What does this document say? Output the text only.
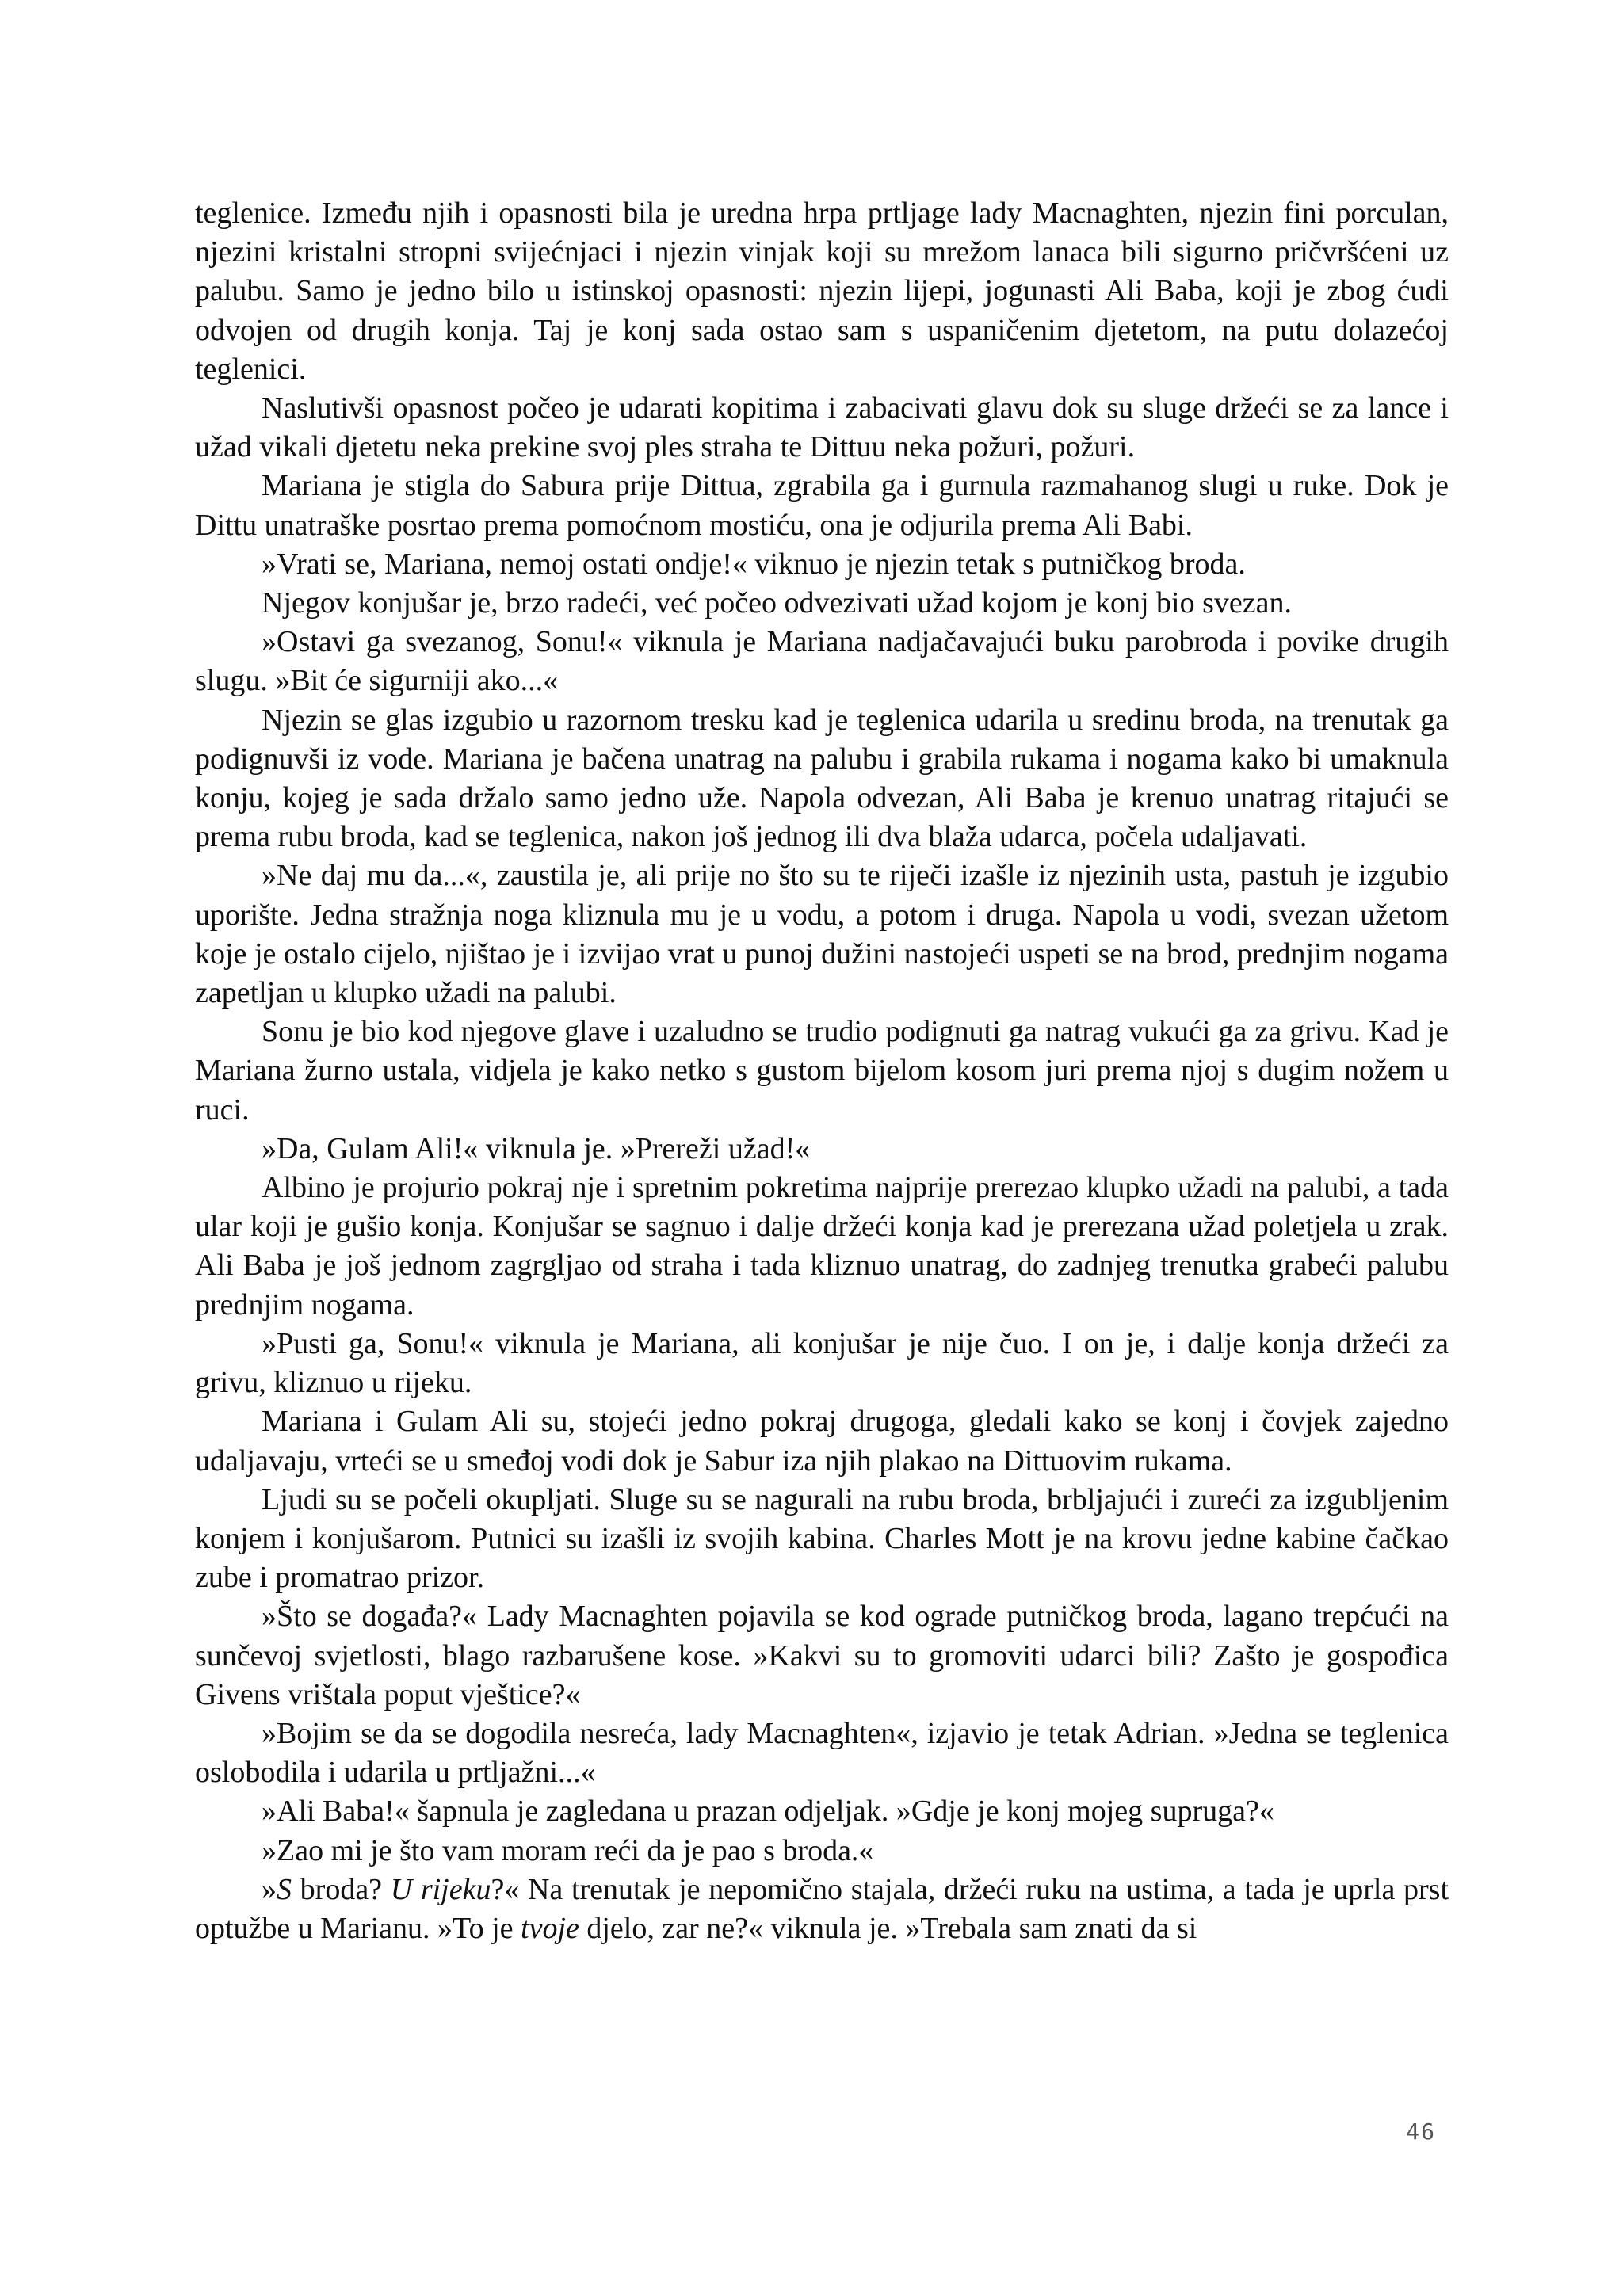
teglenice. Između njih i opasnosti bila je uredna hrpa prtljage lady Macnaghten, njezin fini porculan, njezini kristalni stropni svijećnjaci i njezin vinjak koji su mrežom lanaca bili sigurno pričvršćeni uz palubu. Samo je jedno bilo u istinskoj opasnosti: njezin lijepi, jogunasti Ali Baba, koji je zbog ćudi odvojen od drugih konja. Taj je konj sada ostao sam s uspaničenim djetetom, na putu dolazećoj teglenici.

Naslutivši opasnost počeo je udarati kopitima i zabacivati glavu dok su sluge držeći se za lance i užad vikali djetetu neka prekine svoj ples straha te Dittuu neka požuri, požuri.

Mariana je stigla do Sabura prije Dittua, zgrabila ga i gurnula razmahanog slugi u ruke. Dok je Dittu unatraške posrtao prema pomoćnom mostiću, ona je odjurila prema Ali Babi.

»Vrati se, Mariana, nemoj ostati ondje!« viknuo je njezin tetak s putničkog broda.

Njegov konjušar je, brzo radeći, već počeo odvezivati užad kojom je konj bio svezan.

»Ostavi ga svezanog, Sonu!« viknula je Mariana nadjačavajući buku parobroda i povike drugih slugu. »Bit će sigurniji ako...«

Njezin se glas izgubio u razornom tresku kad je teglenica udarila u sredinu broda, na trenutak ga podignuvši iz vode. Mariana je bačena unatrag na palubu i grabila rukama i nogama kako bi umaknula konju, kojeg je sada držalo samo jedno uže. Napola odvezan, Ali Baba je krenuo unatrag ritajući se prema rubu broda, kad se teglenica, nakon još jednog ili dva blaža udarca, počela udaljavati.

»Ne daj mu da...«, zaustila je, ali prije no što su te riječi izašle iz njezinih usta, pastuh je izgubio uporište. Jedna stražnja noga kliznula mu je u vodu, a potom i druga. Napola u vodi, svezan užetom koje je ostalo cijelo, njištao je i izvijao vrat u punoj dužini nastojeći uspeti se na brod, prednjim nogama zapetljan u klupko užadi na palubi.

Sonu je bio kod njegove glave i uzaludno se trudio podignuti ga natrag vukući ga za grivu. Kad je Mariana žurno ustala, vidjela je kako netko s gustom bijelom kosom juri prema njoj s dugim nožem u ruci.

»Da, Gulam Ali!« viknula je. »Prereži užad!«

Albino je projurio pokraj nje i spretnim pokretima najprije prerezao klupko užadi na palubi, a tada ular koji je gušio konja. Konjušar se sagnuo i dalje držeći konja kad je prerezana užad poletjela u zrak. Ali Baba je još jednom zagrgljao od straha i tada kliznuo unatrag, do zadnjeg trenutka grabeći palubu prednjim nogama.

»Pusti ga, Sonu!« viknula je Mariana, ali konjušar je nije čuo. I on je, i dalje konja držeći za grivu, kliznuo u rijeku.

Mariana i Gulam Ali su, stojeći jedno pokraj drugoga, gledali kako se konj i čovjek zajedno udaljavaju, vrteći se u smeđoj vodi dok je Sabur iza njih plakao na Dittuovim rukama.

Ljudi su se počeli okupljati. Sluge su se nagurali na rubu broda, brbljajući i zureći za izgubljenim konjem i konjušarom. Putnici su izašli iz svojih kabina. Charles Mott je na krovu jedne kabine čačkao zube i promatrao prizor.

»Što se događa?« Lady Macnaghten pojavila se kod ograde putničkog broda, lagano trepćući na sunčevoj svjetlosti, blago razbarušene kose. »Kakvi su to gromoviti udarci bili? Zašto je gospođica Givens vrištala poput vještice?«

»Bojim se da se dogodila nesreća, lady Macnaghten«, izjavio je tetak Adrian. »Jedna se teglenica oslobodila i udarila u prtljažni...«

»Ali Baba!« šapnula je zagledana u prazan odjeljak. »Gdje je konj mojeg supruga?«

»Zao mi je što vam moram reći da je pao s broda.«

»S broda? U rijeku?« Na trenutak je nepomično stajala, držeći ruku na ustima, a tada je uprla prst optužbe u Marianu. »To je tvoje djelo, zar ne?« viknula je. »Trebala sam znati da si

46
